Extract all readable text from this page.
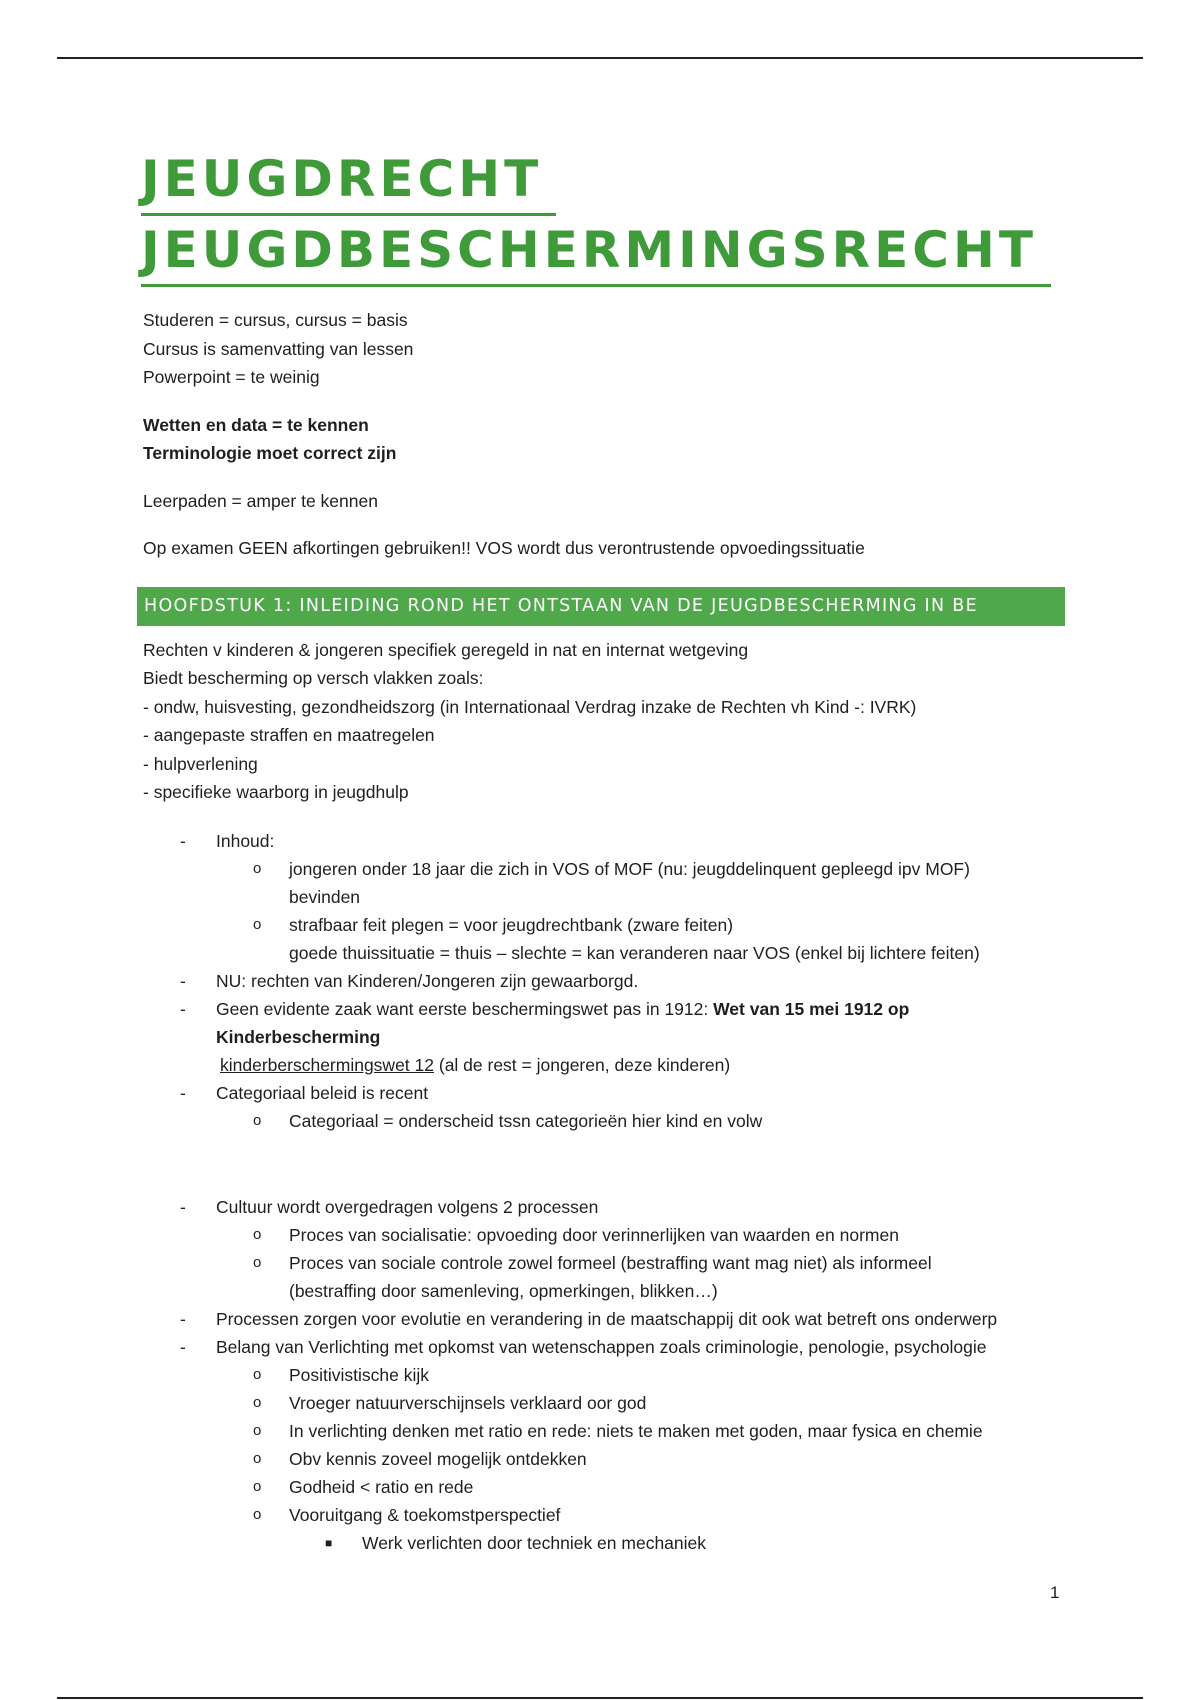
JEUGDRECHT
JEUGDBESCHERMINGSRECHT

Studeren = cursus, cursus = basis

Cursus is samenvatting van lessen

Powerpoint = te weinig

Wetten en data = te kennen

Terminologie moet correct zijn

Leerpaden = amper te kennen

Op examen GEEN afkortingen gebruiken!! VOS wordt dus verontrustende opvoedingssituatie

HOOFDSTUK 1: INLEIDING ROND HET ONTSTAAN VAN DE JEUGDBESCHERMING IN BE

Rechten v kinderen & jongeren specifiek geregeld in nat en internat wetgeving

Biedt bescherming op versch vlakken zoals:

- ondw, huisvesting, gezondheidszorg (in Internationaal Verdrag inzake de Rechten vh Kind -: IVRK)

- aangepaste straffen en maatregelen

- hulpverlening

- specifieke waarborg in jeugdhulp

- Inhoud:
o jongeren onder 18 jaar die zich in VOS of MOF (nu: jeugddelinquent gepleegd ipv MOF)
bevinden
o strafbaar feit plegen = voor jeugdrechtbank (zware feiten)
goede thuissituatie = thuis – slechte = kan veranderen naar VOS (enkel bij lichtere feiten)
- NU: rechten van Kinderen/Jongeren zijn gewaarborgd.
- Geen evidente zaak want eerste beschermingswet pas in 1912: Wet van 15 mei 1912 op
Kinderbescherming
kinderberschermingswet 12 (al de rest = jongeren, deze kinderen)
- Categoriaal beleid is recent
o Categoriaal = onderscheid tssn categorieën hier kind en volw
- Cultuur wordt overgedragen volgens 2 processen
o Proces van socialisatie: opvoeding door verinnerlijken van waarden en normen
o Proces van sociale controle zowel formeel (bestraffing want mag niet) als informeel
(bestraffing door samenleving, opmerkingen, blikken…)
- Processen zorgen voor evolutie en verandering in de maatschappij dit ook wat betreft ons onderwerp
- Belang van Verlichting met opkomst van wetenschappen zoals criminologie, penologie, psychologie
o Positivistische kijk
o Vroeger natuurverschijnsels verklaard oor god
o In verlichting denken met ratio en rede: niets te maken met goden, maar fysica en chemie
o Obv kennis zoveel mogelijk ontdekken
o Godheid < ratio en rede
o Vooruitgang & toekomstperspectief
■ Werk verlichten door techniek en mechaniek
1
